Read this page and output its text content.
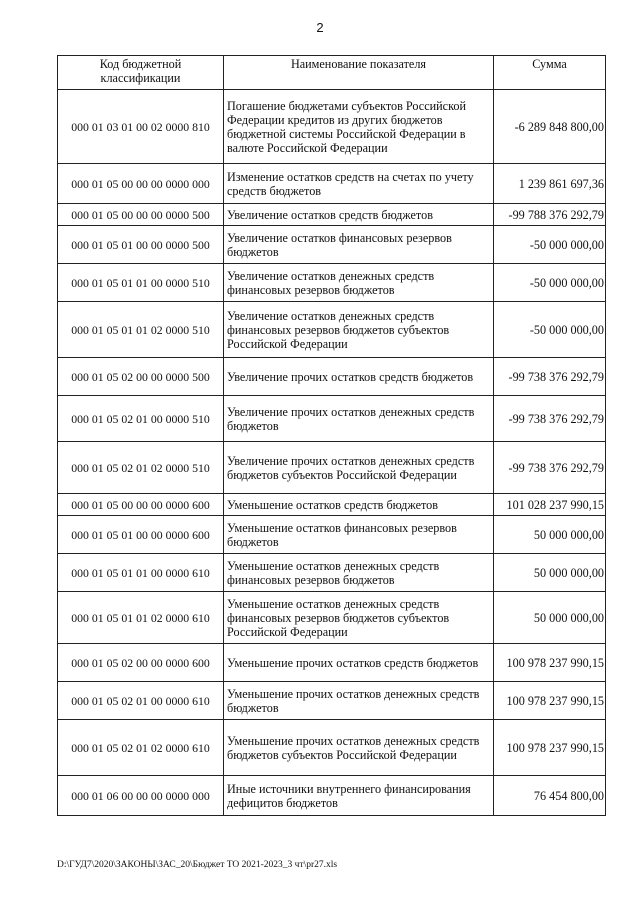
2
Код бюджетной классификации	Наименование показателя	Сумма
000 01 03 01 00 02 0000 810	Погашение бюджетами субъектов Российской Федерации кредитов из других бюджетов бюджетной системы Российской Федерации в валюте Российской Федерации	-6 289 848 800,00
000 01 05 00 00 00 0000 000	Изменение остатков средств на счетах по учету средств бюджетов	1 239 861 697,36
000 01 05 00 00 00 0000 500	Увеличение остатков средств бюджетов	-99 788 376 292,79
000 01 05 01 00 00 0000 500	Увеличение остатков финансовых резервов бюджетов	-50 000 000,00
000 01 05 01 01 00 0000 510	Увеличение остатков денежных средств финансовых резервов бюджетов	-50 000 000,00
000 01 05 01 01 02 0000 510	Увеличение остатков денежных средств финансовых резервов бюджетов субъектов Российской Федерации	-50 000 000,00
000 01 05 02 00 00 0000 500	Увеличение прочих остатков средств бюджетов	-99 738 376 292,79
000 01 05 02 01 00 0000 510	Увеличение прочих остатков денежных средств бюджетов	-99 738 376 292,79
000 01 05 02 01 02 0000 510	Увеличение прочих остатков денежных средств бюджетов субъектов Российской Федерации	-99 738 376 292,79
000 01 05 00 00 00 0000 600	Уменьшение остатков средств бюджетов	101 028 237 990,15
000 01 05 01 00 00 0000 600	Уменьшение остатков финансовых резервов бюджетов	50 000 000,00
000 01 05 01 01 00 0000 610	Уменьшение остатков денежных средств финансовых резервов бюджетов	50 000 000,00
000 01 05 01 01 02 0000 610	Уменьшение остатков денежных средств финансовых резервов бюджетов субъектов Российской Федерации	50 000 000,00
000 01 05 02 00 00 0000 600	Уменьшение прочих остатков средств бюджетов	100 978 237 990,15
000 01 05 02 01 00 0000 610	Уменьшение прочих остатков денежных средств бюджетов	100 978 237 990,15
000 01 05 02 01 02 0000 610	Уменьшение прочих остатков денежных средств бюджетов субъектов Российской Федерации	100 978 237 990,15
000 01 06 00 00 00 0000 000	Иные источники внутреннего финансирования дефицитов бюджетов	76 454 800,00
D:\ГУД7\2020\ЗАКОНЫ\ЗАС_20\Бюджет ТО 2021-2023_3 чт\pr27.xls
